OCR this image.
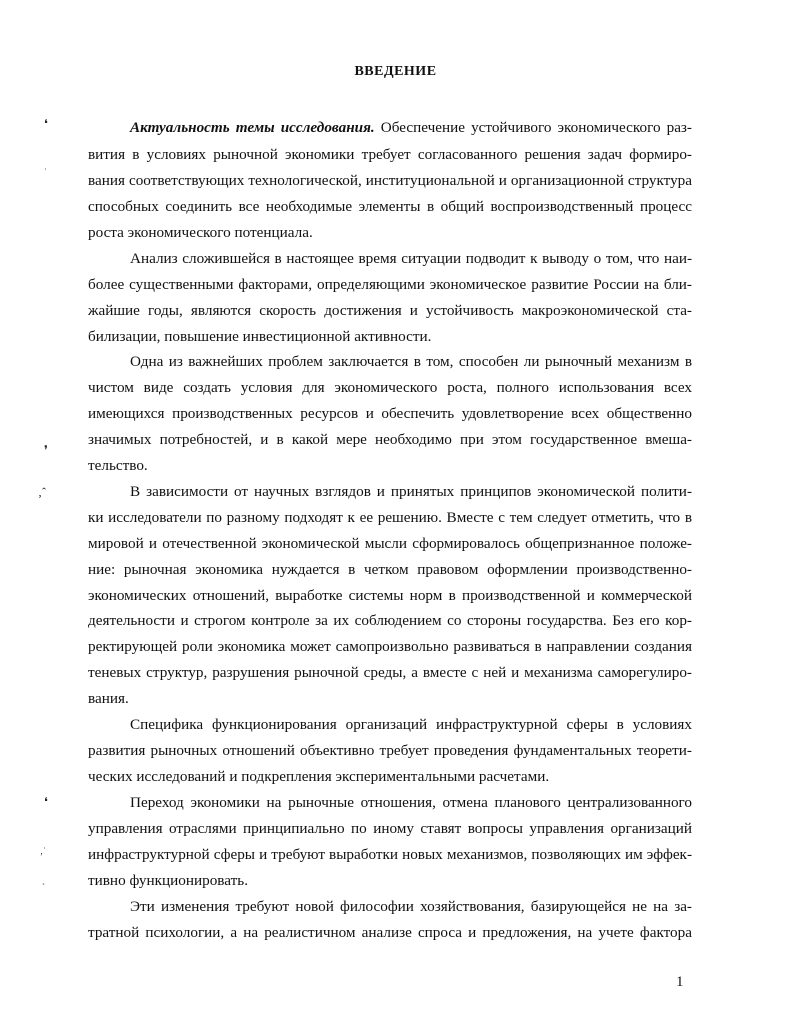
ВВЕДЕНИЕ
Актуальность темы исследования. Обеспечение устойчивого экономического раз-
вития в условиях рыночной экономики требует согласованного решения задач формиро-
вания соответствующих технологической, институциональной и организационной структура
способных соединить все необходимые элементы в общий воспроизводственный процесс
роста экономического потенциала.
Анализ сложившейся в настоящее время ситуации подводит к выводу о том, что наи-
более существенными факторами, определяющими экономическое развитие России на бли-
жайшие годы, являются скорость достижения и устойчивость макроэкономической ста-
билизации, повышение инвестиционной активности.
Одна из важнейших проблем заключается в том, способен ли рыночный механизм в
чистом виде создать условия для экономического роста, полного использования всех
имеющихся производственных ресурсов и обеспечить удовлетворение всех общественно
значимых потребностей, и в какой мере необходимо при этом государственное вмеша-
тельство.
В зависимости от научных взглядов и принятых принципов экономической полити-
ки исследователи по разному подходят к ее решению. Вместе с тем следует отметить, что в
мировой и отечественной экономической мысли сформировалось общепризнанное положе-
ние: рыночная экономика нуждается в четком правовом оформлении производственно-
экономических отношений, выработке системы норм в производственной и коммерческой
деятельности и строгом контроле за их соблюдением со стороны государства. Без его кор-
ректирующей роли экономика может самопроизвольно развиваться в направлении создания
теневых структур, разрушения рыночной среды, а вместе с ней и механизма саморегулиро-
вания.
Специфика функционирования организаций инфраструктурной сферы в условиях
развития рыночных отношений объективно требует проведения фундаментальных теорети-
ческих исследований и подкрепления экспериментальными расчетами.
Переход экономики на рыночные отношения, отмена планового централизованного
управления отраслями принципиально по иному ставят вопросы управления организаций
инфраструктурной сферы и требуют выработки новых механизмов, позволяющих им эффек-
тивно функционировать.
Эти изменения требуют новой философии хозяйствования, базирующейся не на за-
тратной психологии, а на реалистичном анализе спроса и предложения, на учете фактора
❛
˙
❜
‚ˆ
❛
‚˙
ˏ
1
